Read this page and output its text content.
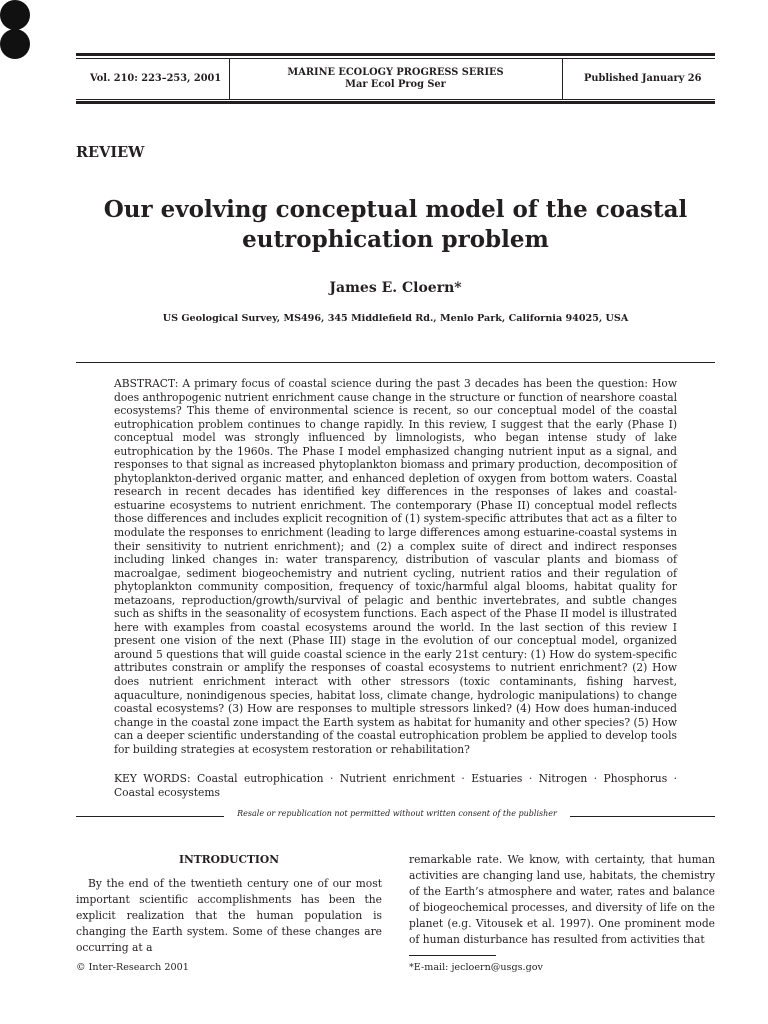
Vol. 210: 223–253, 2001
MARINE ECOLOGY PROGRESS SERIES
Mar Ecol Prog Ser
Published January 26
REVIEW
Our evolving conceptual model of the coastal
eutrophication problem
James E. Cloern*
US Geological Survey, MS496, 345 Middlefield Rd., Menlo Park, California 94025, USA

ABSTRACT: A primary focus of coastal science during the past 3 decades has been the question: How does anthropogenic nutrient enrichment cause change in the structure or function of nearshore coastal ecosystems? This theme of environmental science is recent, so our conceptual model of the coastal eutrophication problem continues to change rapidly. In this review, I suggest that the early (Phase I) conceptual model was strongly influenced by limnologists, who began intense study of lake eutrophication by the 1960s. The Phase I model emphasized changing nutrient input as a signal, and responses to that signal as increased phytoplankton biomass and primary production, decomposition of phytoplankton-derived organic matter, and enhanced depletion of oxygen from bottom waters. Coastal research in recent decades has identified key differences in the responses of lakes and coastal-estuarine ecosystems to nutrient enrichment. The contemporary (Phase II) conceptual model reflects those differences and includes explicit recognition of (1) system-specific attributes that act as a filter to modulate the responses to enrichment (leading to large differences among estuarine-coastal systems in their sensitivity to nutrient enrichment); and (2) a complex suite of direct and indirect responses including linked changes in: water transparency, distribution of vascular plants and biomass of macroalgae, sediment biogeochemistry and nutrient cycling, nutrient ratios and their regulation of phytoplankton community composition, frequency of toxic/harmful algal blooms, habitat quality for metazoans, reproduction/growth/survival of pelagic and benthic invertebrates, and subtle changes such as shifts in the seasonality of ecosystem functions. Each aspect of the Phase II model is illustrated here with examples from coastal ecosystems around the world. In the last section of this review I present one vision of the next (Phase III) stage in the evolution of our conceptual model, organized around 5 questions that will guide coastal science in the early 21st century: (1) How do system-specific attributes constrain or amplify the responses of coastal ecosystems to nutrient enrichment? (2) How does nutrient enrichment interact with other stressors (toxic contaminants, fishing harvest, aquaculture, nonindigenous species, habitat loss, climate change, hydrologic manipulations) to change coastal ecosystems? (3) How are responses to multiple stressors linked? (4) How does human-induced change in the coastal zone impact the Earth system as habitat for humanity and other species? (5) How can a deeper scientific understanding of the coastal eutrophication problem be applied to develop tools for building strategies at ecosystem restoration or rehabilitation?

KEY WORDS: Coastal eutrophication · Nutrient enrichment · Estuaries · Nitrogen · Phosphorus · Coastal ecosystems

Resale or republication not permitted without written consent of the publisher

INTRODUCTION

By the end of the twentieth century one of our most important scientific accomplishments has been the explicit realization that the human population is changing the Earth system. Some of these changes are occurring at a

remarkable rate. We know, with certainty, that human activities are changing land use, habitats, the chemistry of the Earth’s atmosphere and water, rates and balance of biogeochemical processes, and diversity of life on the planet (e.g. Vitousek et al. 1997). One prominent mode of human disturbance has resulted from activities that

© Inter-Research 2001	*E-mail: jecloern@usgs.gov
